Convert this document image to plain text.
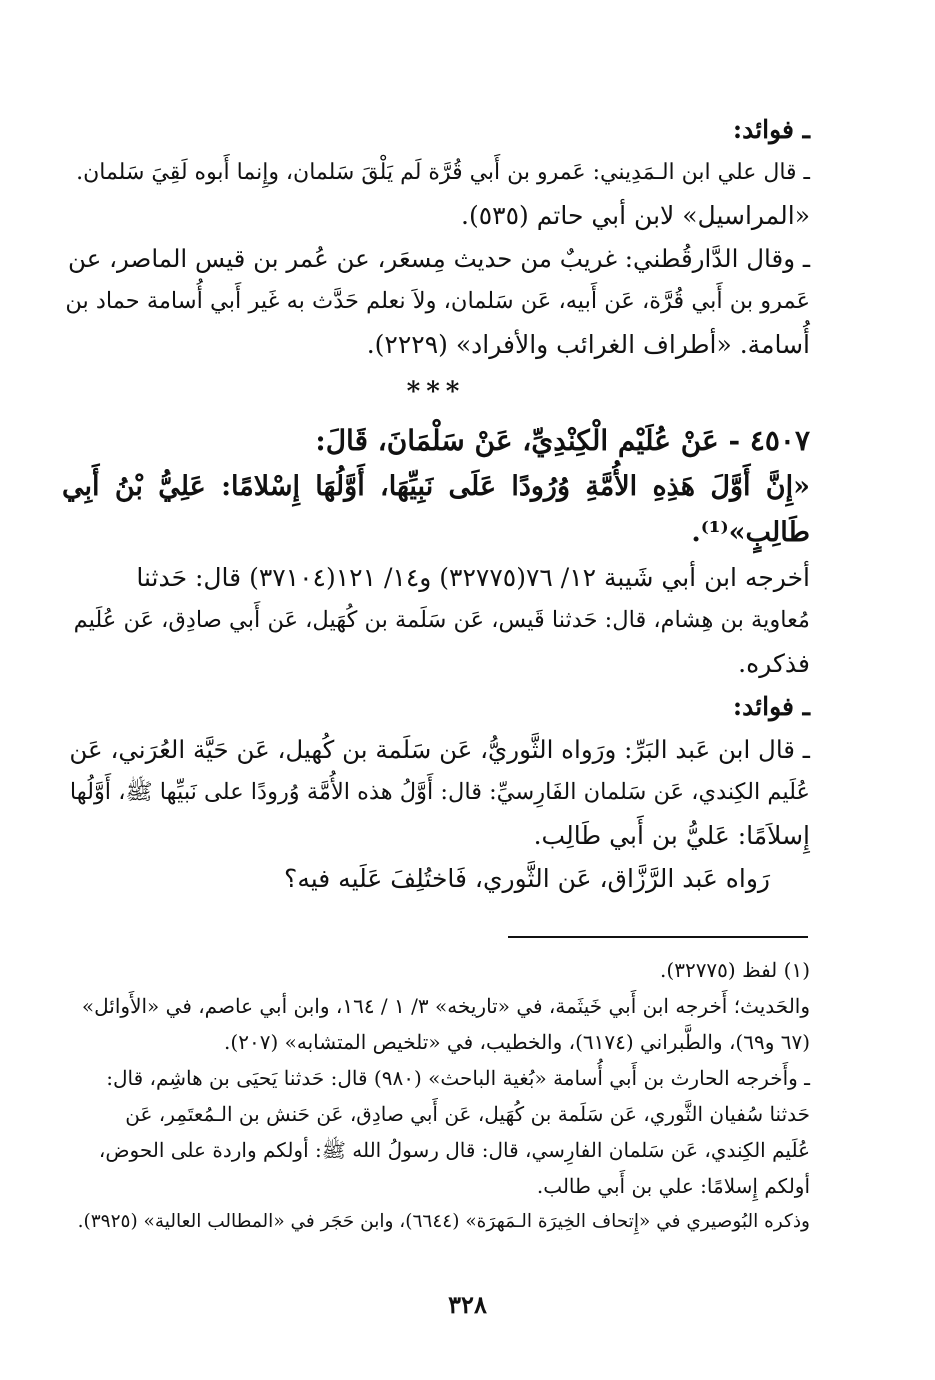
ـ فوائد:
ـ قال علي ابن الـمَدِيني: عَمرو بن أَبي قُرَّة لَم يَلْقَ سَلمان، وإِنما أَبوه لَقِيَ سَلمان.
«المراسيل» لابن أبي حاتم (٥٣٥).
ـ وقال الدَّارقُطني: غريبٌ من حديث مِسعَر، عن عُمر بن قيس الماصر، عن
عَمرو بن أَبي قُرَّة، عَن أَبيه، عَن سَلمان، ولاَ نعلم حَدَّث به غَير أَبي أُسامة حماد بن
أُسامة. «أطراف الغرائب والأفراد» (٢٢٢٩).
***
٤٥٠٧ - عَنْ عُلَيْم الْكِنْدِيِّ، عَنْ سَلْمَانَ، قَالَ:
«إِنَّ أَوَّلَ هَذِهِ الأُمَّةِ وُرُودًا عَلَى نَبِيِّهَا، أَوَّلُهَا إِسْلامًا: عَلِيُّ بْنُ أَبِي طَالِبٍ»⁽¹⁾.
أخرجه ابن أبي شَيبة ١٢/ ٧٦(٣٢٧٧٥) و١٤/ ١٢١(٣٧١٠٤) قال: حَدثنا
مُعاوية بن هِشام، قال: حَدثنا قَيس، عَن سَلَمة بن كُهَيل، عَن أَبي صادِق، عَن عُلَيم
فذكره.
ـ فوائد:
ـ قال ابن عَبد البَرِّ: ورَواه الثَّوريُّ، عَن سَلَمة بن كُهيل، عَن حَيَّة العُرَني، عَن
عُلَيم الكِندي، عَن سَلمان الفَارِسيِّ: قال: أَوَّلُ هذه الأُمَّة وُرودًا على نَبيِّها ﷺ، أَوَّلُها
إِسلاَمًا: عَليُّ بن أَبي طَالِب.
رَواه عَبد الرَّزَّاق، عَن الثَّوري، فَاختُلِفَ عَلَيه فيه؟
(١) لفظ (٣٢٧٧٥).
والحَديث؛ أَخرجه ابن أَبي خَيثَمة، في «تاريخه» ٣/ ١ / ١٦٤، وابن أبي عاصم، في «الأَوائل»
(٦٧ و٦٩)، والطَّبراني (٦١٧٤)، والخطيب، في «تلخيص المتشابه» (٢٠٧).
ـ وأَخرجه الحارث بن أَبي أُسامة «بُغية الباحث» (٩٨٠) قال: حَدثنا يَحيَى بن هاشِم، قال:
حَدثنا سُفيان الثَّوري، عَن سَلَمة بن كُهَيل، عَن أَبي صادِق، عَن حَنش بن الـمُعتَمِر، عَن
عُلَيم الكِندي، عَن سَلمان الفارِسي، قال: قال رسولُ الله ﷺ: أولكم واردة على الحوض،
أولكم إِسلامًا: علي بن أَبي طالب.
وذكره البُوصيري في «إِتحاف الخِيرَة الـمَهرَة» (٦٦٤٤)، وابن حَجَر في «المطالب العالية» (٣٩٢٥).
٣٢٨
